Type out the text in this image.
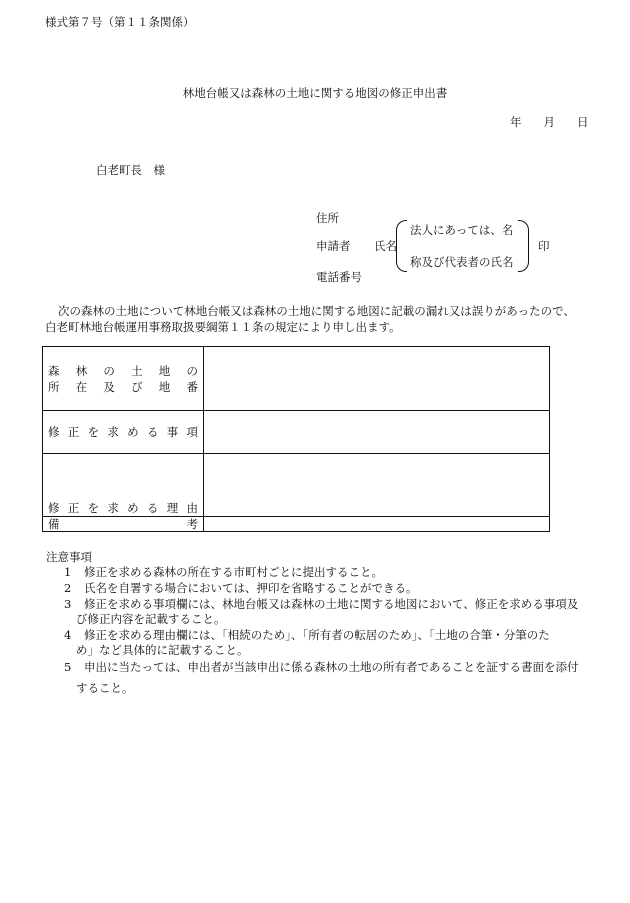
様式第７号（第１１条関係）
林地台帳又は森林の土地に関する地図の修正申出書
年 月 日
白老町長　様
住所
申請者 氏名
法人にあっては、名
称及び代表者の氏名
印
電話番号
次の森林の土地について林地台帳又は森林の土地に関する地図に記載の漏れ又は誤りがあったので、
白老町林地台帳運用事務取扱要綱第１１条の規定により申し出ます。
森林の土地の
所在及び地番	

修正を求める事項	

修正を求める理由	

備考	

注意事項
1 修正を求める森林の所在する市町村ごとに提出すること。
2 氏名を自署する場合においては、押印を省略することができる。
3 修正を求める事項欄には、林地台帳又は森林の土地に関する地図において、修正を求める事項及
び修正内容を記載すること。
4 修正を求める理由欄には、「相続のため」、「所有者の転居のため」、「土地の合筆・分筆のた
め」など具体的に記載すること。
5 申出に当たっては、申出者が当該申出に係る森林の土地の所有者であることを証する書面を添付
すること。
